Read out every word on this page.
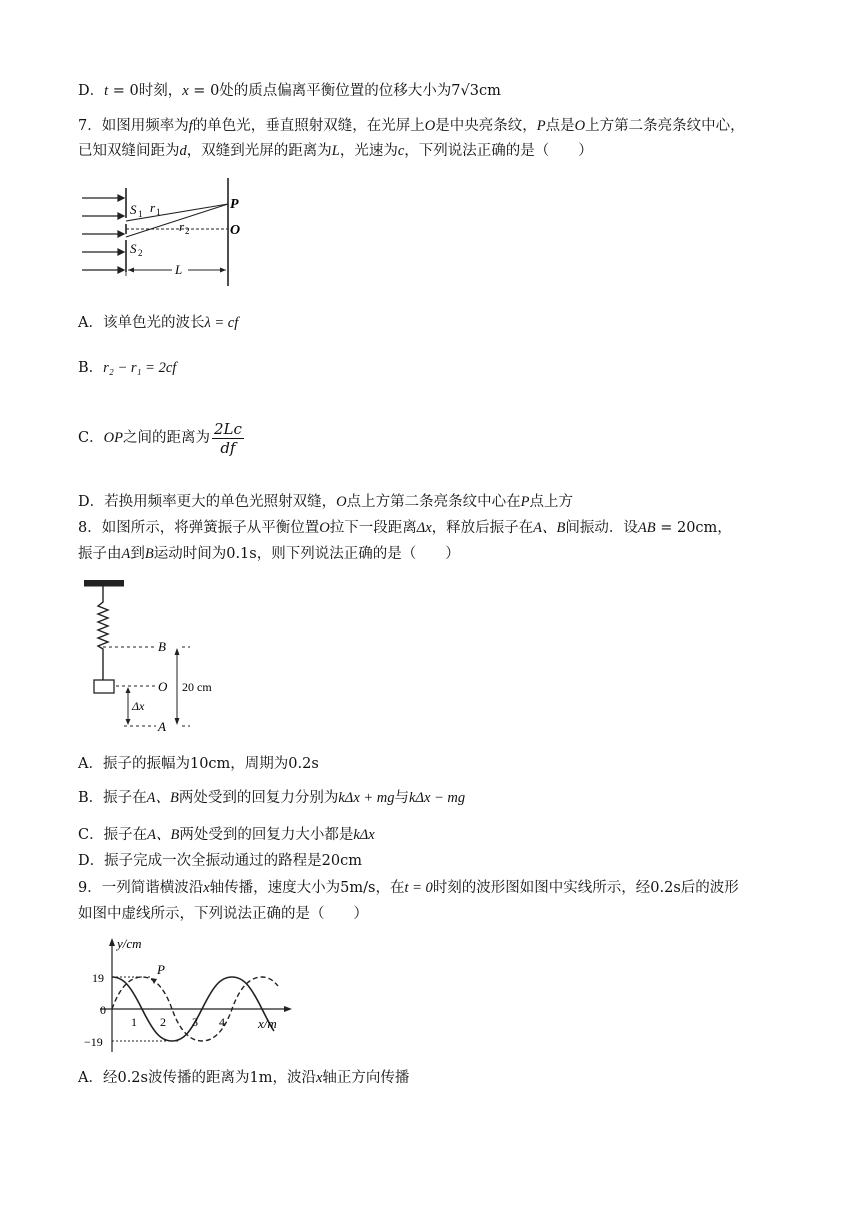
D．t = 0时刻，x = 0处的质点偏离平衡位置的位移大小为7√3cm
7．如图用频率为f的单色光，垂直照射双缝，在光屏上O是中央亮条纹，P点是O上方第二条亮条纹中心，
已知双缝间距为d，双缝到光屏的距离为L，光速为c，下列说法正确的是（　　）
S 1 r 1
r 2
S 2
P
O
L
A．该单色光的波长λ = cf
B．r₂ − r₁ = 2cf
C．OP之间的距离为 $\frac{2Lc}{df}$
D．若换用频率更大的单色光照射双缝，O点上方第二条亮条纹中心在P点上方
8．如图所示，将弹簧振子从平衡位置O拉下一段距离Δx，释放后振子在A、B间振动．设AB = 20cm，
振子由A到B运动时间为0.1s，则下列说法正确的是（　　）
B
O
A
Δx
20 cm
A．振子的振幅为10cm，周期为0.2s
B．振子在A、B两处受到的回复力分别为kΔx + mg与kΔx − mg
C．振子在A、B两处受到的回复力大小都是kΔx
D．振子完成一次全振动通过的路程是20cm
9．一列简谐横波沿x轴传播，速度大小为5m/s，在t = 0时刻的波形图如图中实线所示，经0.2s后的波形
如图中虚线所示，下列说法正确的是（　　）
P
y/cm
x/m
19
−19
0
1 2 3 4
A．经0.2s波传播的距离为1m，波沿x轴正方向传播
